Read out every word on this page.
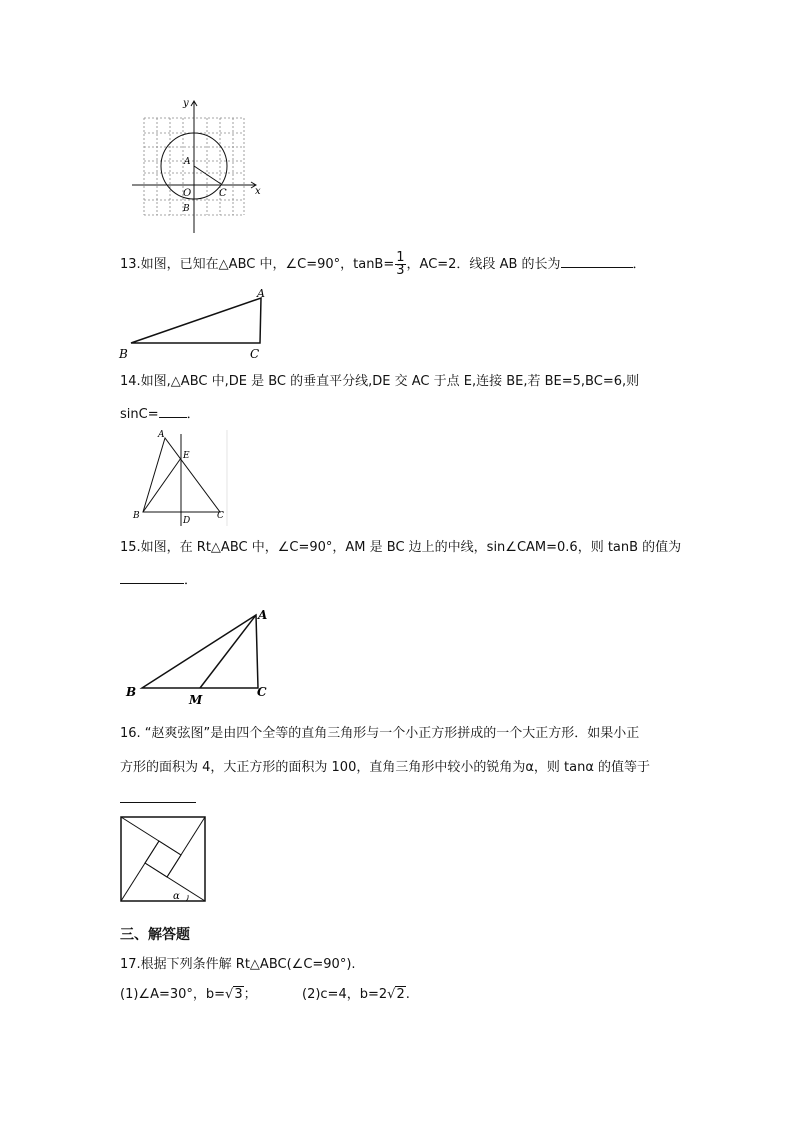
y
x
A
O	C
B
13.如图，已知在△ABC 中，∠C=90°，$\tan B= \frac{1}{3}$ ，AC=2．线段 AB 的长为	．
A
B	C
14.如图,△ABC 中,DE 是 BC 的垂直平分线,DE 交 AC 于点 E,连接 BE,若 BE=5,BC=6,则
sinC= ．
A
E
B	D	C
15.如图，在 Rt△ABC 中，∠C=90°，AM 是 BC 边上的中线，sin∠CAM=0.6，则 tanB 的值为
．
A
B
M
C
16. “赵爽弦图”是由四个全等的直角三角形与一个小正方形拼成的一个大正方形．如果小正
方形的面积为 4，大正方形的面积为 100，直角三角形中较小的锐角为α，则 tanα 的值等于
α
三、解答题
17.根据下列条件解 Rt△ABC(∠C=90°).
(1)∠A=30°，b=√3；	(2)c=4，b=2√2.
